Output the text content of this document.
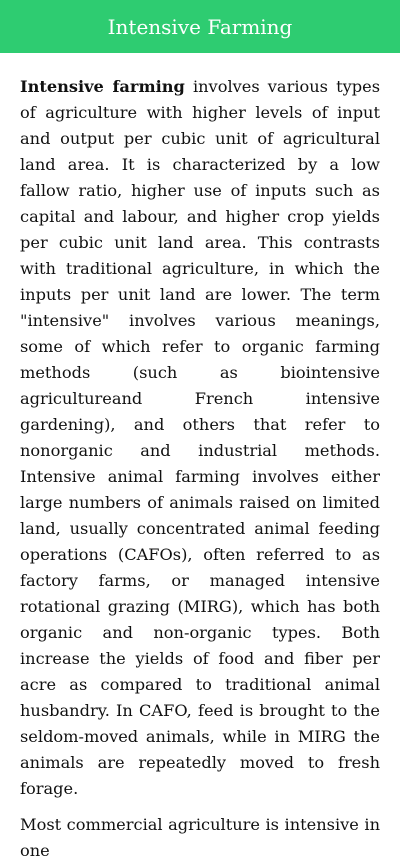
Intensive Farming

Intensive farming involves various types of agriculture with higher levels of input and output per cubic unit of agricultural land area. It is characterized by a low fallow ratio, higher use of inputs such as capital and labour, and higher crop yields per cubic unit land area. This contrasts with traditional agriculture, in which the inputs per unit land are lower. The term "intensive" involves various meanings, some of which refer to organic farming methods (such as biointensive agricultureand French intensive gardening), and others that refer to nonorganic and industrial methods. Intensive animal farming involves either large numbers of animals raised on limited land, usually concentrated animal feeding operations (CAFOs), often referred to as factory farms, or managed intensive rotational grazing (MIRG), which has both organic and non-organic types. Both increase the yields of food and fiber per acre as compared to traditional animal husbandry. In CAFO, feed is brought to the seldom-moved animals, while in MIRG the animals are repeatedly moved to fresh forage.

Most commercial agriculture is intensive in one
